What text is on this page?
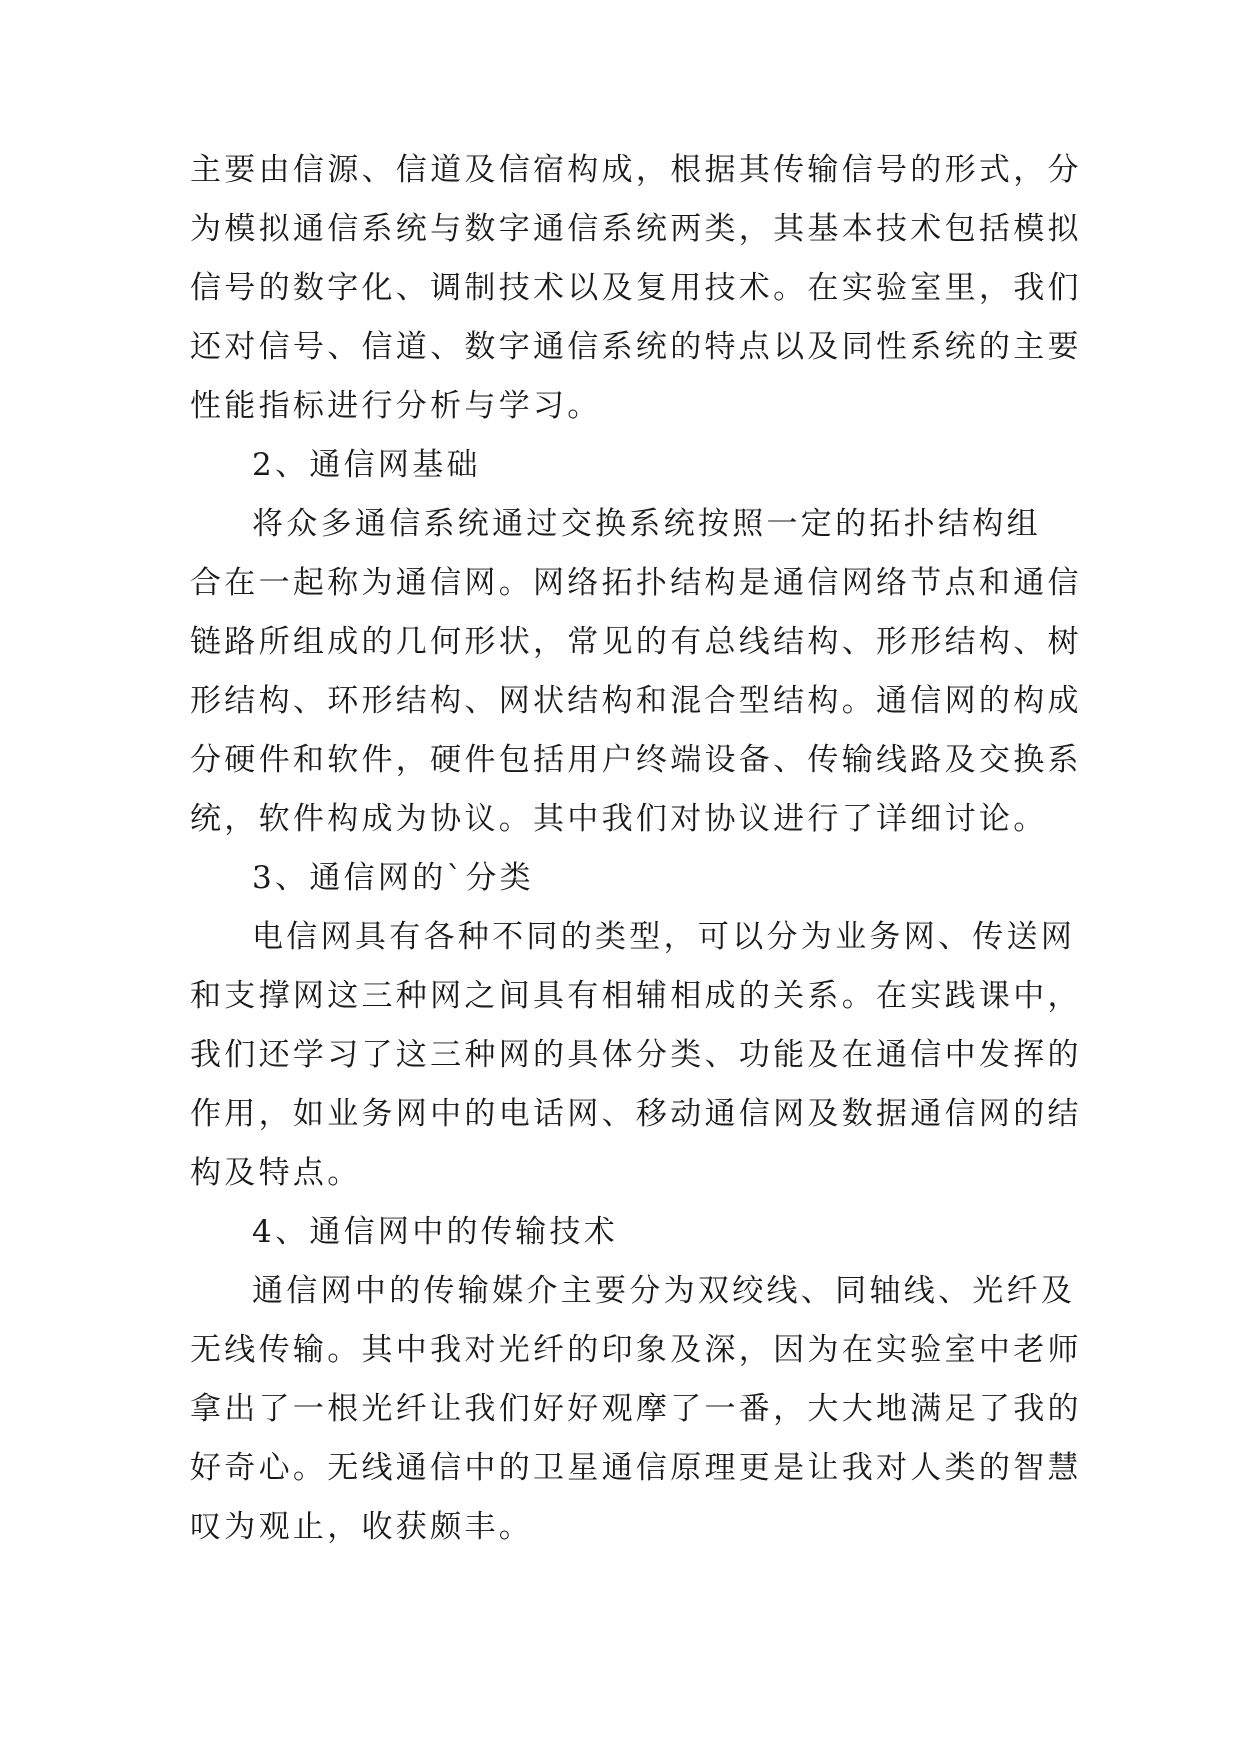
主要由信源、信道及信宿构成，根据其传输信号的形式，分
为模拟通信系统与数字通信系统两类，其基本技术包括模拟
信号的数字化、调制技术以及复用技术。在实验室里，我们
还对信号、信道、数字通信系统的特点以及同性系统的主要
性能指标进行分析与学习。
2、通信网基础
将众多通信系统通过交换系统按照一定的拓扑结构组
合在一起称为通信网。网络拓扑结构是通信网络节点和通信
链路所组成的几何形状，常见的有总线结构、形形结构、树
形结构、环形结构、网状结构和混合型结构。通信网的构成
分硬件和软件，硬件包括用户终端设备、传输线路及交换系
统，软件构成为协议。其中我们对协议进行了详细讨论。
3、通信网的`分类
电信网具有各种不同的类型，可以分为业务网、传送网
和支撑网这三种网之间具有相辅相成的关系。在实践课中，
我们还学习了这三种网的具体分类、功能及在通信中发挥的
作用，如业务网中的电话网、移动通信网及数据通信网的结
构及特点。
4、通信网中的传输技术
通信网中的传输媒介主要分为双绞线、同轴线、光纤及
无线传输。其中我对光纤的印象及深，因为在实验室中老师
拿出了一根光纤让我们好好观摩了一番，大大地满足了我的
好奇心。无线通信中的卫星通信原理更是让我对人类的智慧
叹为观止，收获颇丰。
